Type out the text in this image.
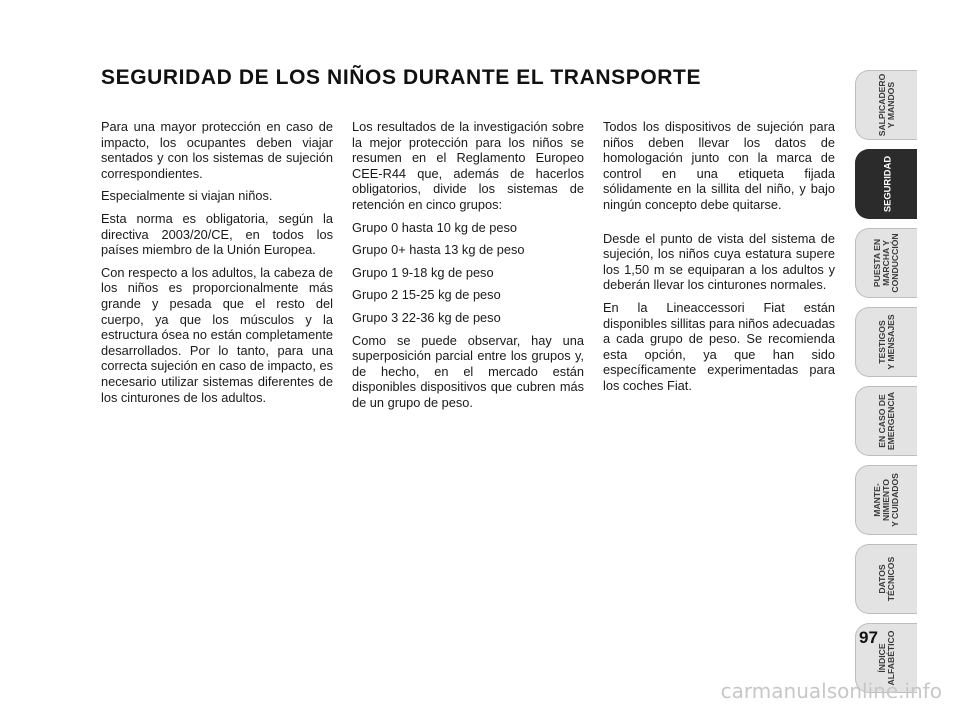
SEGURIDAD DE LOS NIÑOS DURANTE EL TRANSPORTE

Para una mayor protección en caso de impacto, los ocupantes deben viajar sentados y con los sistemas de sujeción correspondientes.

Especialmente si viajan niños.

Esta norma es obligatoria, según la directiva 2003/20/CE, en todos los países miembro de la Unión Europea.

Con respecto a los adultos, la cabeza de los niños es proporcionalmente más grande y pesada que el resto del cuerpo, ya que los músculos y la estructura ósea no están completamente desarrollados. Por lo tanto, para una correcta sujeción en caso de impacto, es necesario utilizar sistemas diferentes de los cinturones de los adultos.

Los resultados de la investigación sobre la mejor protección para los niños se resumen en el Reglamento Europeo CEE-R44 que, además de hacerlos obligatorios, divide los sistemas de retención en cinco grupos:

Grupo 0 hasta 10 kg de peso

Grupo 0+ hasta 13 kg de peso

Grupo 1 9-18 kg de peso

Grupo 2 15-25 kg de peso

Grupo 3 22-36 kg de peso

Como se puede observar, hay una superposición parcial entre los grupos y, de hecho, en el mercado están disponibles dispositivos que cubren más de un grupo de peso.

Todos los dispositivos de sujeción para niños deben llevar los datos de homologación junto con la marca de control en una etiqueta fijada sólidamente en la sillita del niño, y bajo ningún concepto debe quitarse.

Desde el punto de vista del sistema de sujeción, los niños cuya estatura supere los 1,50 m se equiparan a los adultos y deberán llevar los cinturones normales.

En la Lineaccessori Fiat están disponibles sillitas para niños adecuadas a cada grupo de peso. Se recomienda esta opción, ya que han sido específicamente experimentadas para los coches Fiat.

SALPICADERO
Y MANDOS
SEGURIDAD
PUESTA EN
MARCHA Y
CONDUCCIÓN
TESTIGOS
Y MENSAJES
EN CASO DE
EMERGENCIA
MANTE-
NIMIENTO
Y CUIDADOS
DATOS
TÉCNICOS
ÍNDICE
ALFABÉTICO
97
carmanualsonline.info
